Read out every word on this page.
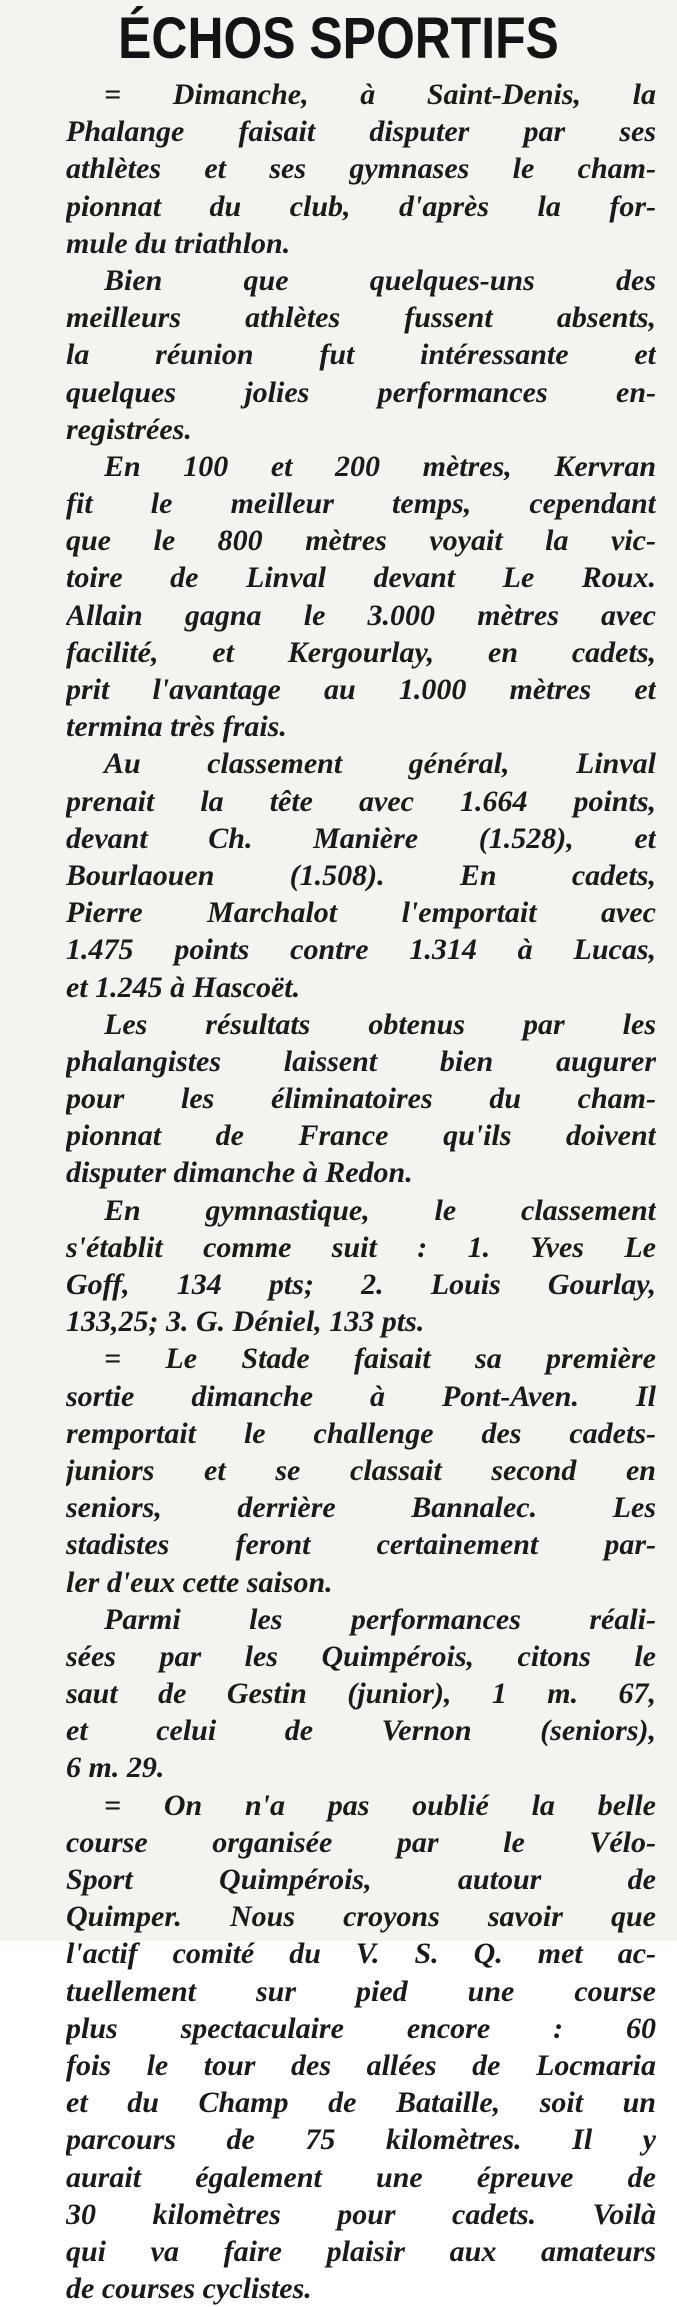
ÉCHOS SPORTIFS
= Dimanche, à Saint-Denis, la
Phalange faisait disputer par ses
athlètes et ses gymnases le cham-
pionnat du club, d'après la for-
mule du triathlon.
Bien que quelques-uns des
meilleurs athlètes fussent absents,
la réunion fut intéressante et
quelques jolies performances en-
registrées.
En 100 et 200 mètres, Kervran
fit le meilleur temps, cependant
que le 800 mètres voyait la vic-
toire de Linval devant Le Roux.
Allain gagna le 3.000 mètres avec
facilité, et Kergourlay, en cadets,
prit l'avantage au 1.000 mètres et
termina très frais.
Au classement général, Linval
prenait la tête avec 1.664 points,
devant Ch. Manière (1.528), et
Bourlaouen (1.508). En cadets,
Pierre Marchalot l'emportait avec
1.475 points contre 1.314 à Lucas,
et 1.245 à Hascoët.
Les résultats obtenus par les
phalangistes laissent bien augurer
pour les éliminatoires du cham-
pionnat de France qu'ils doivent
disputer dimanche à Redon.
En gymnastique, le classement
s'établit comme suit : 1. Yves Le
Goff, 134 pts; 2. Louis Gourlay,
133,25; 3. G. Déniel, 133 pts.
= Le Stade faisait sa première
sortie dimanche à Pont-Aven. Il
remportait le challenge des cadets-
juniors et se classait second en
seniors, derrière Bannalec. Les
stadistes feront certainement par-
ler d'eux cette saison.
Parmi les performances réali-
sées par les Quimpérois, citons le
saut de Gestin (junior), 1 m. 67,
et celui de Vernon (seniors),
6 m. 29.
= On n'a pas oublié la belle
course organisée par le Vélo-
Sport Quimpérois, autour de
Quimper. Nous croyons savoir que
l'actif comité du V. S. Q. met ac-
tuellement sur pied une course
plus spectaculaire encore : 60
fois le tour des allées de Locmaria
et du Champ de Bataille, soit un
parcours de 75 kilomètres. Il y
aurait également une épreuve de
30 kilomètres pour cadets. Voilà
qui va faire plaisir aux amateurs
de courses cyclistes.
